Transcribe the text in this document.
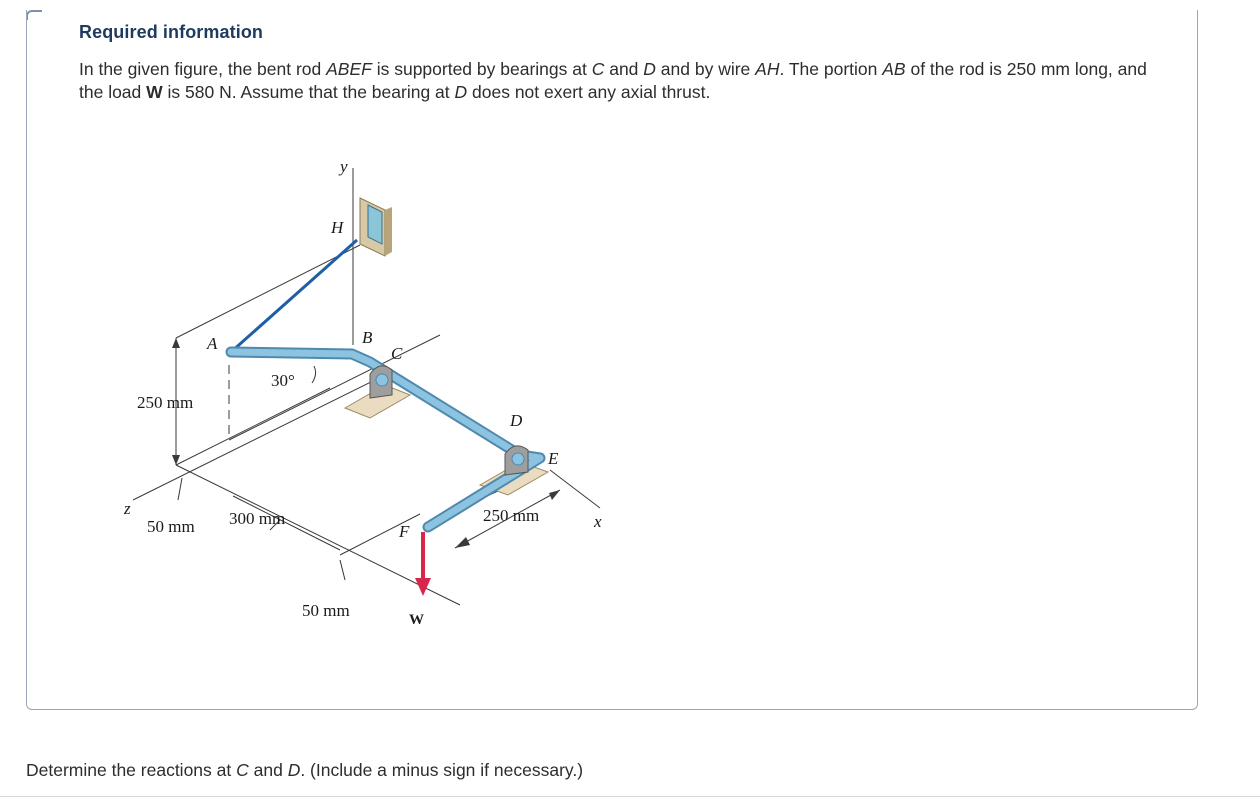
Required information

In the given figure, the bent rod ABEF is supported by bearings at C and D and by wire AH. The portion AB of the rod is 250 mm long, and the load W is 580 N. Assume that the bearing at D does not exert any axial thrust.

y
H
A	B
C
D
E
F
z
x
W
30°
250 mm
50 mm 300 mm
50 mm
250 mm

Determine the reactions at C and D. (Include a minus sign if necessary.)
